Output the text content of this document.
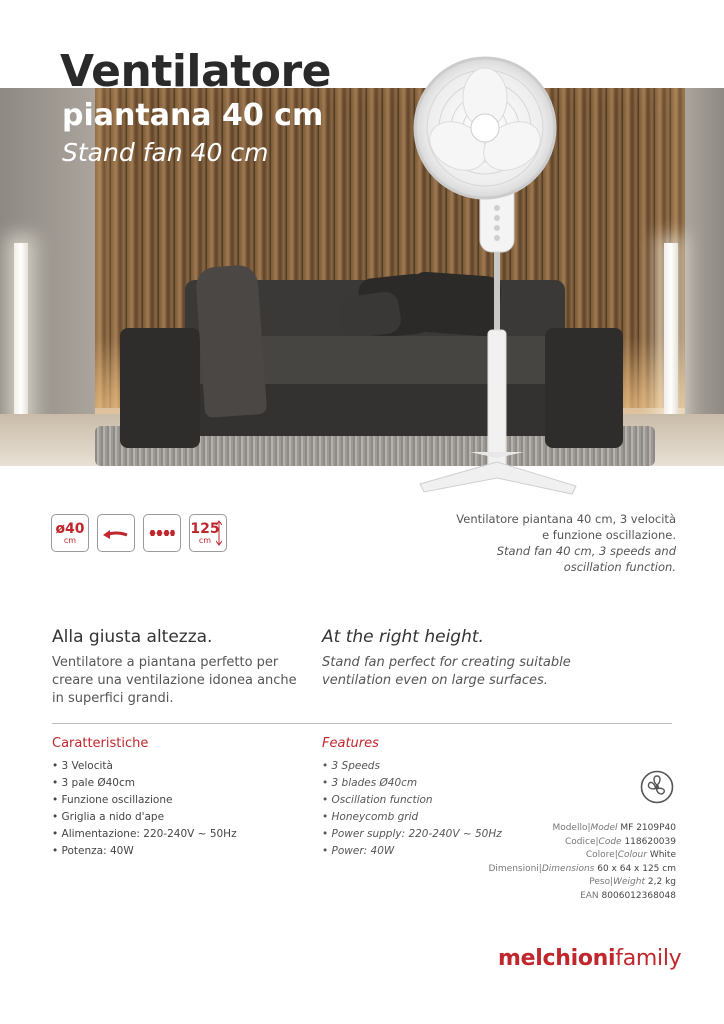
Ventilatore
piantana 40 cm
Stand fan 40 cm
ø40
cm
125
cm
Ventilatore piantana 40 cm, 3 velocità
e funzione oscillazione.
Stand fan 40 cm, 3 speeds and
oscillation function.
Alla giusta altezza.	At the right height.
Ventilatore a piantana perfetto per creare una ventilazione idonea anche in superfici grandi.
Stand fan perfect for creating suitable ventilation even on large surfaces.
Caratteristiche	Features
• 3 Velocità
• 3 pale Ø40cm
• Funzione oscillazione
• Griglia a nido d'ape
• Alimentazione: 220-240V ~ 50Hz
• Potenza: 40W
• 3 Speeds
• 3 blades Ø40cm
• Oscillation function
• Honeycomb grid
• Power supply: 220-240V ~ 50Hz
• Power: 40W
Modello|Model MF 2109P40
Codice|Code 118620039
Colore|Colour White
Dimensioni|Dimensions 60 x 64 x 125 cm
Peso|Weight 2,2 kg
EAN 8006012368048
melchionifamily
